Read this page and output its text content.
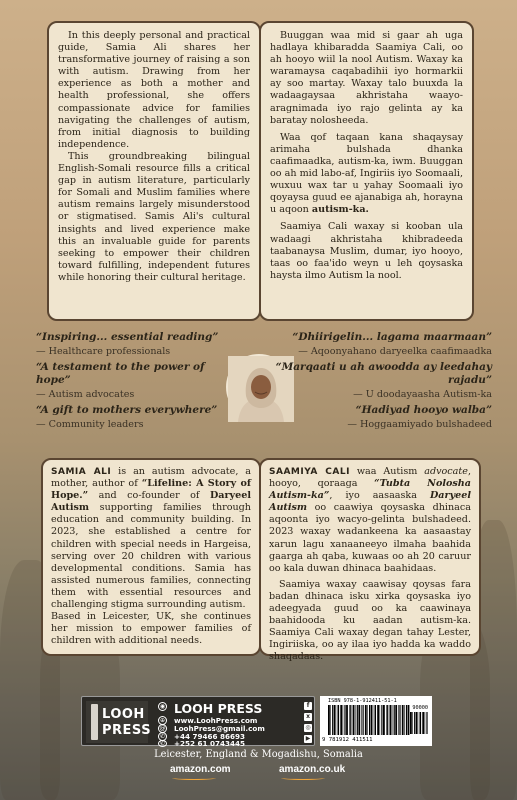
In this deeply personal and practical guide, Samia Ali shares her transformative journey of raising a son with autism. Drawing from her experience as both a mother and health professional, she offers compassionate advice for families navigating the challenges of autism, from initial diagnosis to building independence.

This groundbreaking bilingual English-Somali resource fills a critical gap in autism literature, particularly for Somali and Muslim families where autism remains largely misunderstood or stigmatised. Samis Ali's cultural insights and lived experience make this an invaluable guide for parents seeking to empower their children toward fulfilling, independent futures while honoring their cultural heritage.

Buuggan waa mid si gaar ah uga hadlaya khibaradda Saamiya Cali, oo ah hooyo wiil la nool Autism. Waxay ka waramaysa caqabadihii iyo hormarkii ay soo martay. Waxay talo buuxda la wadaagaysaa akhristaha waayo-aragnimada iyo rajo gelinta ay ka baratay nolosheeda.

Waa qof taqaan kana shaqaysay arimaha bulshada dhanka caafimaadka, autism-ka, iwm. Buuggan oo ah mid labo-af, Ingiriis iyo Soomaali, wuxuu wax tar u yahay Soomaali iyo qoyaysa guud ee ajanabiga ah, horayna u aqoon autism-ka.

Saamiya Cali waxay si kooban ula wadaagi akhristaha khibradeeda taabanaysa Muslim, dumar, iyo hooyo, taas oo faa'ido weyn u leh qoysaska haysta ilmo Autism la nool.

“Inspiring... essential reading”
— Healthcare professionals
“A testament to the power of hope”
— Autism advocates
“A gift to mothers everywhere”
— Community leaders
“Dhiirigelin... lagama maarmaan”
— Aqoonyahano daryeelka caafimaadka
“Marqaati u ah awoodda ay leedahay rajadu”
— U doodayaasha Autism-ka
“Hadiyad hooyo walba”
— Hoggaamiyado bulshadeed

SAMIA ALI is an autism advocate, a mother, author of “Lifeline: A Story of Hope.” and co-founder of Daryeel Autism supporting families through education and community building. In 2023, she established a centre for children with special needs in Hargeisa, serving over 20 children with various developmental conditions. Samia has assisted numerous families, connecting them with essential resources and challenging stigma surrounding autism.

Based in Leicester, UK, she continues her mission to empower families of children with additional needs.

SAAMIYA CALI waa Autism advocate, hooyo, qoraaga “Tubta Nolosha Autism-ka”, iyo aasaaska Daryeel Autism oo caawiya qoysaska dhinaca aqoonta iyo wacyo-gelinta bulshadeed. 2023 waxay wadankeena ka aasaastay xarun lagu xanaaneeyo ilmaha baahida gaarga ah qaba, kuwaas oo ah 20 caruur oo kala duwan dhinaca baahidaas.

Saamiya waxay caawisay qoysas fara badan dhinaca isku xirka qoysaska iyo adeegyada guud oo ka caawinaya baahidooda ku aadan autism-ka. Saamiya Cali waxay degan tahay Lester, Ingiriiska, oo ay ilaa iyo hadda ka waddo shaqadaas.

LOOH
PRESS
◉ LOOH PRESS
⊕ www.LoohPress.com
@ LoohPress@gmail.com
✆ +44 79466 86693
✆ +252 61 0743445
f
x
◎
▶
ISBN 978-1-912411-51-1
90000
9 781912 411511
Leicester, England & Mogadishu, Somalia
amazon.com	amazon.co.uk
